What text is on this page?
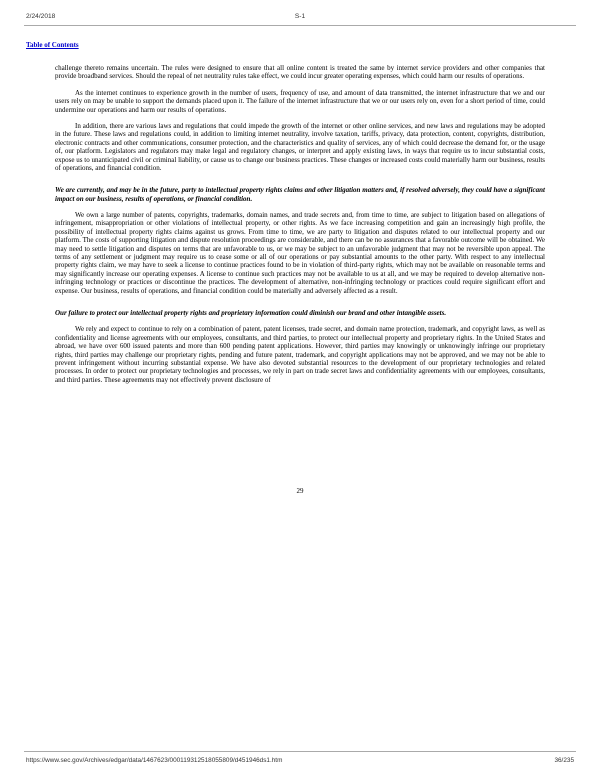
2/24/2018	S-1
Table of Contents

challenge thereto remains uncertain. The rules were designed to ensure that all online content is treated the same by internet service providers and other companies that provide broadband services. Should the repeal of net neutrality rules take effect, we could incur greater operating expenses, which could harm our results of operations.

As the internet continues to experience growth in the number of users, frequency of use, and amount of data transmitted, the internet infrastructure that we and our users rely on may be unable to support the demands placed upon it. The failure of the internet infrastructure that we or our users rely on, even for a short period of time, could undermine our operations and harm our results of operations.

In addition, there are various laws and regulations that could impede the growth of the internet or other online services, and new laws and regulations may be adopted in the future. These laws and regulations could, in addition to limiting internet neutrality, involve taxation, tariffs, privacy, data protection, content, copyrights, distribution, electronic contracts and other communications, consumer protection, and the characteristics and quality of services, any of which could decrease the demand for, or the usage of, our platform. Legislators and regulators may make legal and regulatory changes, or interpret and apply existing laws, in ways that require us to incur substantial costs, expose us to unanticipated civil or criminal liability, or cause us to change our business practices. These changes or increased costs could materially harm our business, results of operations, and financial condition.

We are currently, and may be in the future, party to intellectual property rights claims and other litigation matters and, if resolved adversely, they could have a significant impact on our business, results of operations, or financial condition.

We own a large number of patents, copyrights, trademarks, domain names, and trade secrets and, from time to time, are subject to litigation based on allegations of infringement, misappropriation or other violations of intellectual property, or other rights. As we face increasing competition and gain an increasingly high profile, the possibility of intellectual property rights claims against us grows. From time to time, we are party to litigation and disputes related to our intellectual property and our platform. The costs of supporting litigation and dispute resolution proceedings are considerable, and there can be no assurances that a favorable outcome will be obtained. We may need to settle litigation and disputes on terms that are unfavorable to us, or we may be subject to an unfavorable judgment that may not be reversible upon appeal. The terms of any settlement or judgment may require us to cease some or all of our operations or pay substantial amounts to the other party. With respect to any intellectual property rights claim, we may have to seek a license to continue practices found to be in violation of third-party rights, which may not be available on reasonable terms and may significantly increase our operating expenses. A license to continue such practices may not be available to us at all, and we may be required to develop alternative non-infringing technology or practices or discontinue the practices. The development of alternative, non-infringing technology or practices could require significant effort and expense. Our business, results of operations, and financial condition could be materially and adversely affected as a result.

Our failure to protect our intellectual property rights and proprietary information could diminish our brand and other intangible assets.

We rely and expect to continue to rely on a combination of patent, patent licenses, trade secret, and domain name protection, trademark, and copyright laws, as well as confidentiality and license agreements with our employees, consultants, and third parties, to protect our intellectual property and proprietary rights. In the United States and abroad, we have over 600 issued patents and more than 600 pending patent applications. However, third parties may knowingly or unknowingly infringe our proprietary rights, third parties may challenge our proprietary rights, pending and future patent, trademark, and copyright applications may not be approved, and we may not be able to prevent infringement without incurring substantial expense. We have also devoted substantial resources to the development of our proprietary technologies and related processes. In order to protect our proprietary technologies and processes, we rely in part on trade secret laws and confidentiality agreements with our employees, consultants, and third parties. These agreements may not effectively prevent disclosure of

29
https://www.sec.gov/Archives/edgar/data/1467623/000119312518055809/d451946ds1.htm	36/235
